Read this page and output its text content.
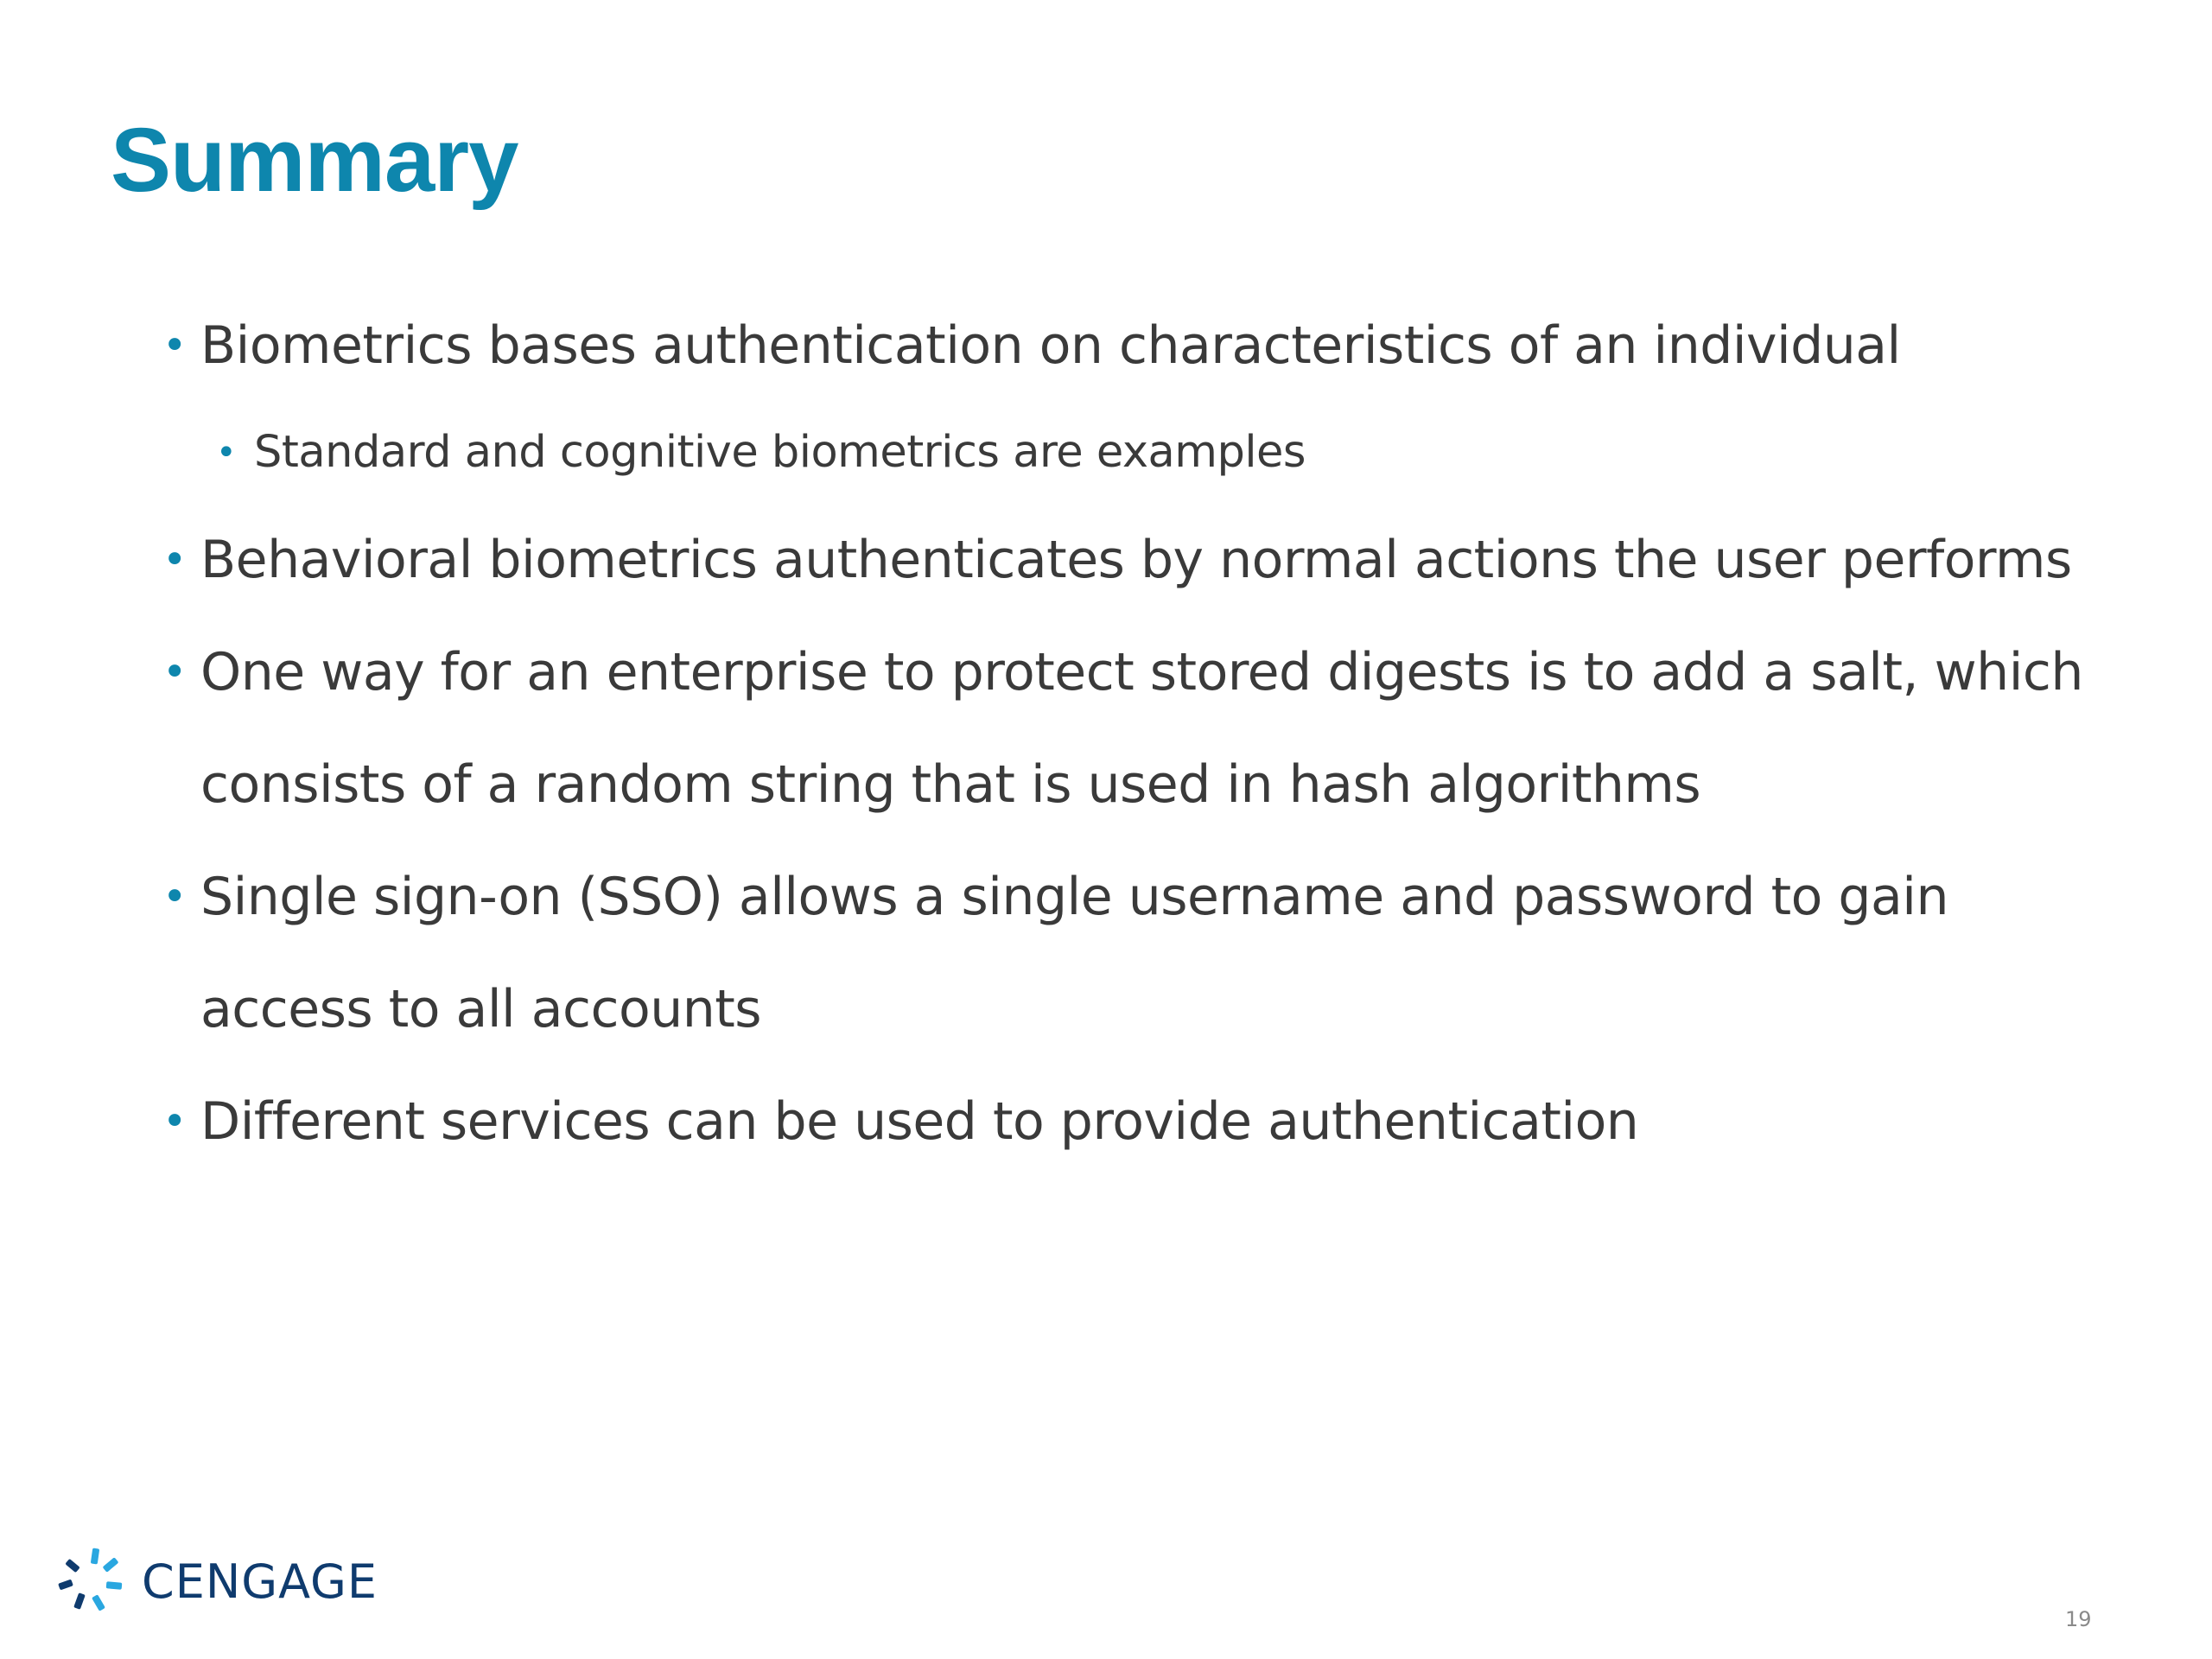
Summary
• Biometrics bases authentication on characteristics of an individual
• Standard and cognitive biometrics are examples
• Behavioral biometrics authenticates by normal actions the user performs
• One way for an enterprise to protect stored digests is to add a salt, which consists of a random string that is used in hash algorithms
• Single sign-on (SSO) allows a single username and password to gain access to all accounts
• Different services can be used to provide authentication
CENGAGE
19
